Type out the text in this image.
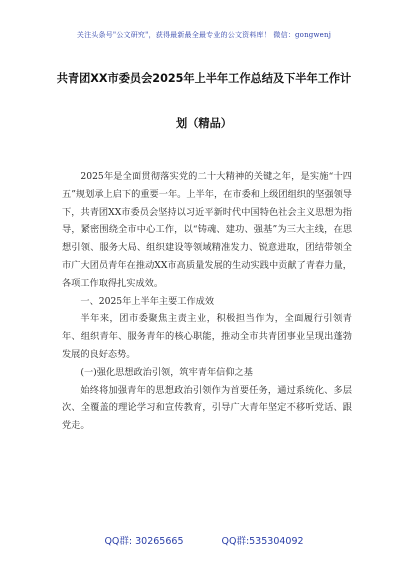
关注头条号"公文研究"，获得最新最全最专业的公文资料库！ 微信：gongwenj
共青团XX市委员会2025年上半年工作总结及下半年工作计
划（精品）

2025年是全面贯彻落实党的二十大精神的关键之年，是实施“十四五”规划承上启下的重要一年。上半年，在市委和上级团组织的坚强领导下，共青团XX市委员会坚持以习近平新时代中国特色社会主义思想为指导，紧密围绕全市中心工作，以“铸魂、建功、强基”为三大主线，在思想引领、服务大局、组织建设等领域精准发力、锐意进取，团结带领全市广大团员青年在推动XX市高质量发展的生动实践中贡献了青春力量，各项工作取得扎实成效。

一、2025年上半年主要工作成效

半年来，团市委聚焦主责主业，积极担当作为，全面履行引领青年、组织青年、服务青年的核心职能，推动全市共青团事业呈现出蓬勃发展的良好态势。

(一)强化思想政治引领，筑牢青年信仰之基

始终将加强青年的思想政治引领作为首要任务，通过系统化、多层次、全覆盖的理论学习和宣传教育，引导广大青年坚定不移听党话、跟党走。

QQ群: 30265665	QQ群:535304092
